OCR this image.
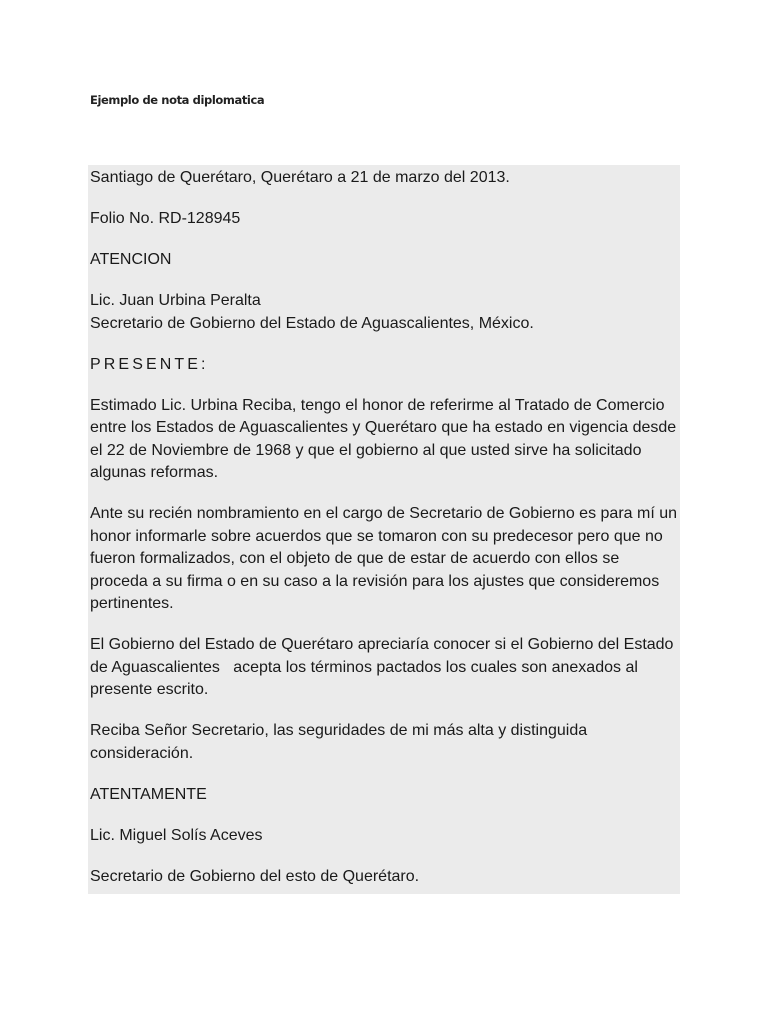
Ejemplo de nota diplomatica

Santiago de Querétaro, Querétaro a 21 de marzo del 2013.

Folio No. RD-128945

ATENCION

Lic. Juan Urbina Peralta

Secretario de Gobierno del Estado de Aguascalientes, México.

PRESENTE:

Estimado Lic. Urbina Reciba, tengo el honor de referirme al Tratado de Comercio entre los Estados de Aguascalientes y Querétaro que ha estado en vigencia desde el 22 de Noviembre de 1968 y que el gobierno al que usted sirve ha solicitado algunas reformas.

Ante su recién nombramiento en el cargo de Secretario de Gobierno es para mí un honor informarle sobre acuerdos que se tomaron con su predecesor pero que no fueron formalizados, con el objeto de que de estar de acuerdo con ellos se proceda a su firma o en su caso a la revisión para los ajustes que consideremos pertinentes.

El Gobierno del Estado de Querétaro apreciaría conocer si el Gobierno del Estado de Aguascalientes   acepta los términos pactados los cuales son anexados al presente escrito.

Reciba Señor Secretario, las seguridades de mi más alta y distinguida consideración.

ATENTAMENTE

Lic. Miguel Solís Aceves

Secretario de Gobierno del esto de Querétaro.
